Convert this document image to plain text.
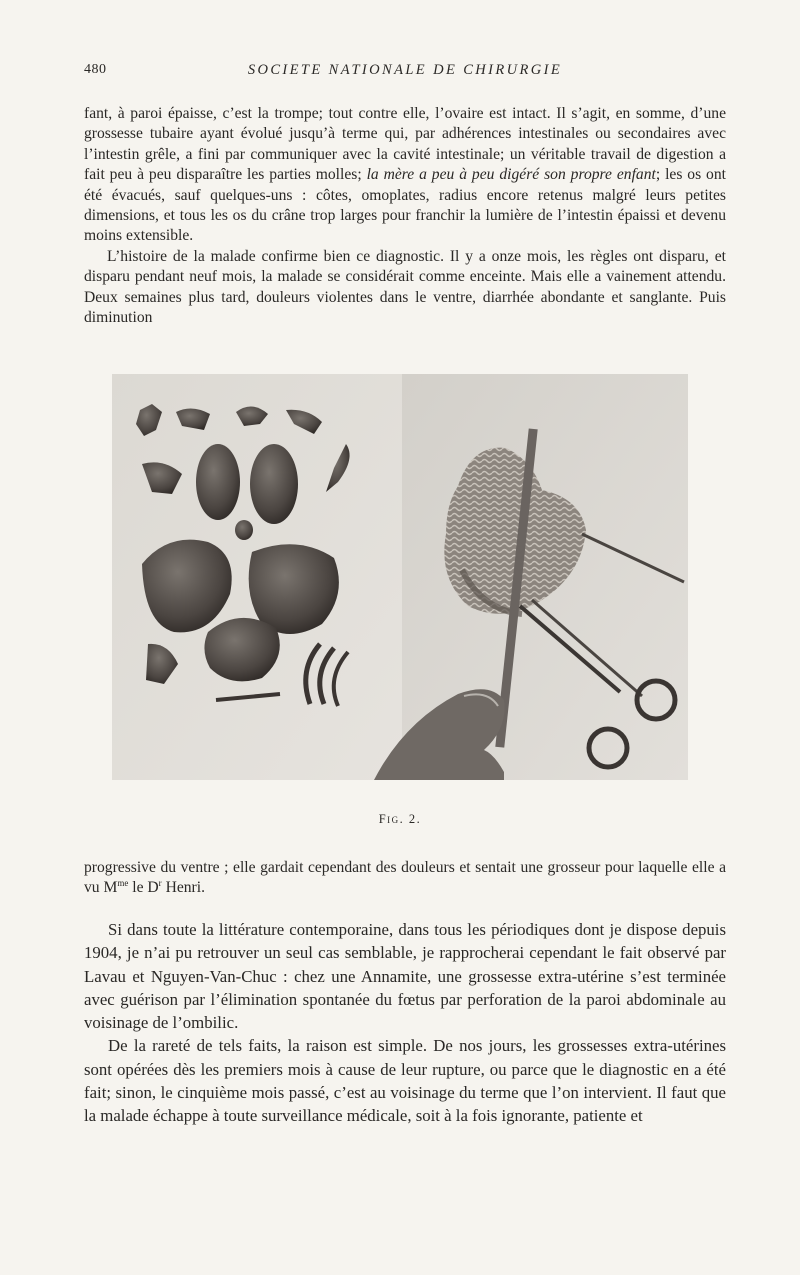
480	SOCIETE NATIONALE DE CHIRURGIE

fant, à paroi épaisse, c’est la trompe; tout contre elle, l’ovaire est intact. Il s’agit, en somme, d’une grossesse tubaire ayant évolué jusqu’à terme qui, par adhérences intestinales ou secondaires avec l’intestin grêle, a fini par communiquer avec la cavité intestinale; un véritable travail de digestion a fait peu à peu disparaître les parties molles; la mère a peu à peu digéré son propre enfant; les os ont été évacués, sauf quelques-uns : côtes, omoplates, radius encore retenus malgré leurs petites dimensions, et tous les os du crâne trop larges pour franchir la lumière de l’intestin épaissi et devenu moins extensible.

L’histoire de la malade confirme bien ce diagnostic. Il y a onze mois, les règles ont disparu, et disparu pendant neuf mois, la malade se considérait comme enceinte. Mais elle a vainement attendu. Deux semaines plus tard, douleurs violentes dans le ventre, diarrhée abondante et sanglante. Puis diminution

Fig. 2.

progressive du ventre ; elle gardait cependant des douleurs et sentait une grosseur pour laquelle elle a vu $M^{me}$ le $D^r$ Henri.

Si dans toute la littérature contemporaine, dans tous les périodiques dont je dispose depuis 1904, je n’ai pu retrouver un seul cas semblable, je rapprocherai cependant le fait observé par Lavau et Nguyen-Van-Chuc : chez une Annamite, une grossesse extra-utérine s’est terminée avec guérison par l’élimination spontanée du fœtus par perforation de la paroi abdominale au voisinage de l’ombilic.

De la rareté de tels faits, la raison est simple. De nos jours, les grossesses extra-utérines sont opérées dès les premiers mois à cause de leur rupture, ou parce que le diagnostic en a été fait; sinon, le cinquième mois passé, c’est au voisinage du terme que l’on intervient. Il faut que la malade échappe à toute surveillance médicale, soit à la fois ignorante, patiente et
